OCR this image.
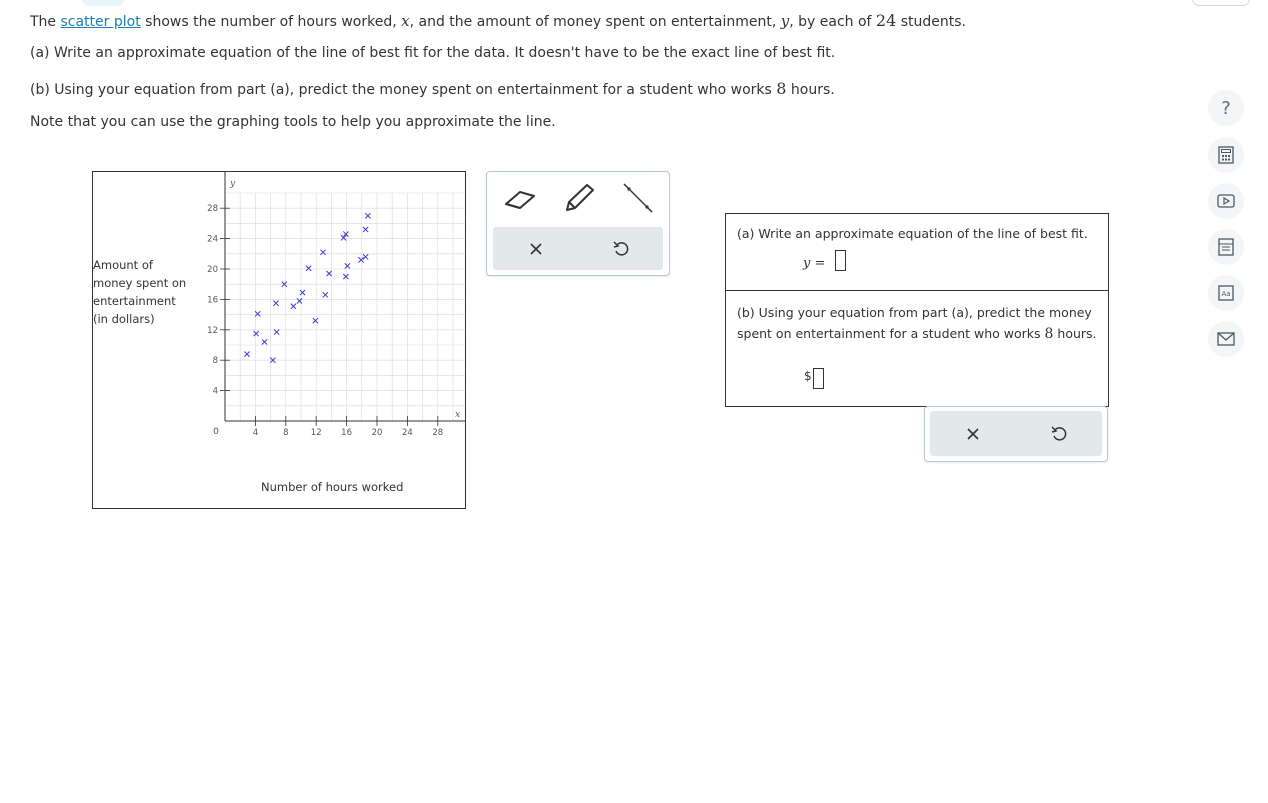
The scatter plot shows the number of hours worked, x, and the amount of money spent on entertainment, y, by each of 24 students.

(a) Write an approximate equation of the line of best fit for the data. It doesn't have to be the exact line of best fit.

(b) Using your equation from part (a), predict the money spent on entertainment for a student who works 8 hours.

Note that you can use the graphing tools to help you approximate the line.

Amount of
money spent on
entertainment
(in dollars)
Number of hours worked
4	8	12 16 20 24 28
4
8
12
16
20
24
28
0
y
x
(a) Write an approximate equation of the line of best fit.
y =
(b) Using your equation from part (a), predict the money
spent on entertainment for a student who works 8 hours.
$
?
Aa
